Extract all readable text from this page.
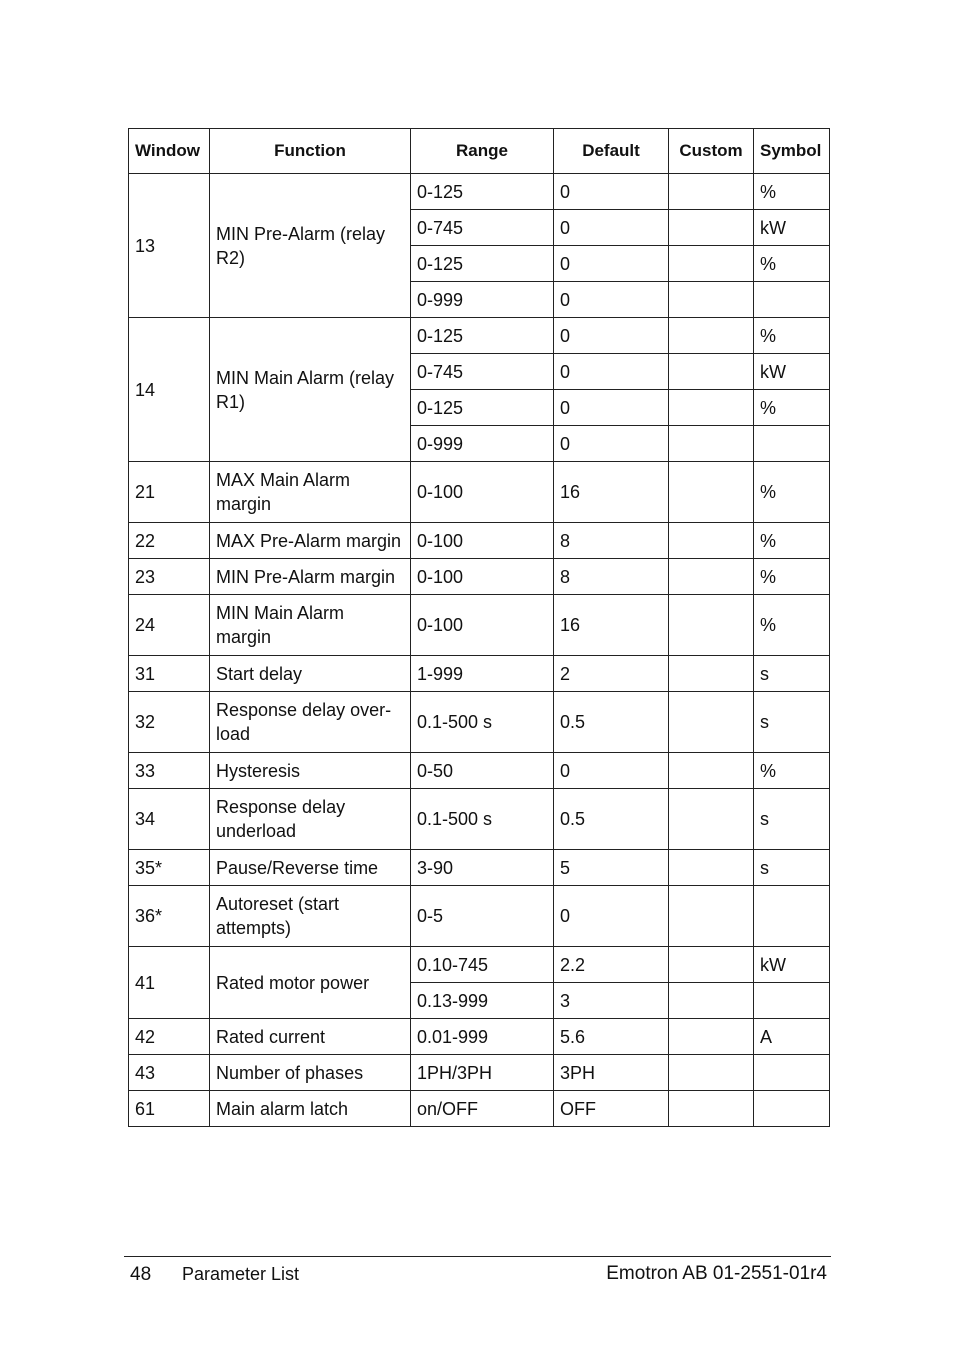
Window	Function	Range	Default	Custom	Symbol
13	MIN Pre-Alarm (relay R2)	0-125	0		%
		0-745	0		kW
		0-125	0		%
		0-999	0		
14	MIN Main Alarm (relay R1)	0-125	0		%
		0-745	0		kW
		0-125	0		%
		0-999	0		
21	MAX Main Alarm margin	0-100	16		%
22	MAX Pre-Alarm margin	0-100	8		%
23	MIN Pre-Alarm margin	0-100	8		%
24	MIN Main Alarm margin	0-100	16		%
31	Start delay	1-999	2		s
32	Response delay over-load	0.1-500 s	0.5		s
33	Hysteresis	0-50	0		%
34	Response delay underload	0.1-500 s	0.5		s
35*	Pause/Reverse time	3-90	5		s
36*	Autoreset (start attempts)	0-5	0		
41	Rated motor power	0.10-745	2.2		kW
		0.13-999	3		
42	Rated current	0.01-999	5.6		A
43	Number of phases	1PH/3PH	3PH		
61	Main alarm latch	on/OFF	OFF		
48 Parameter List	Emotron AB 01-2551-01r4
